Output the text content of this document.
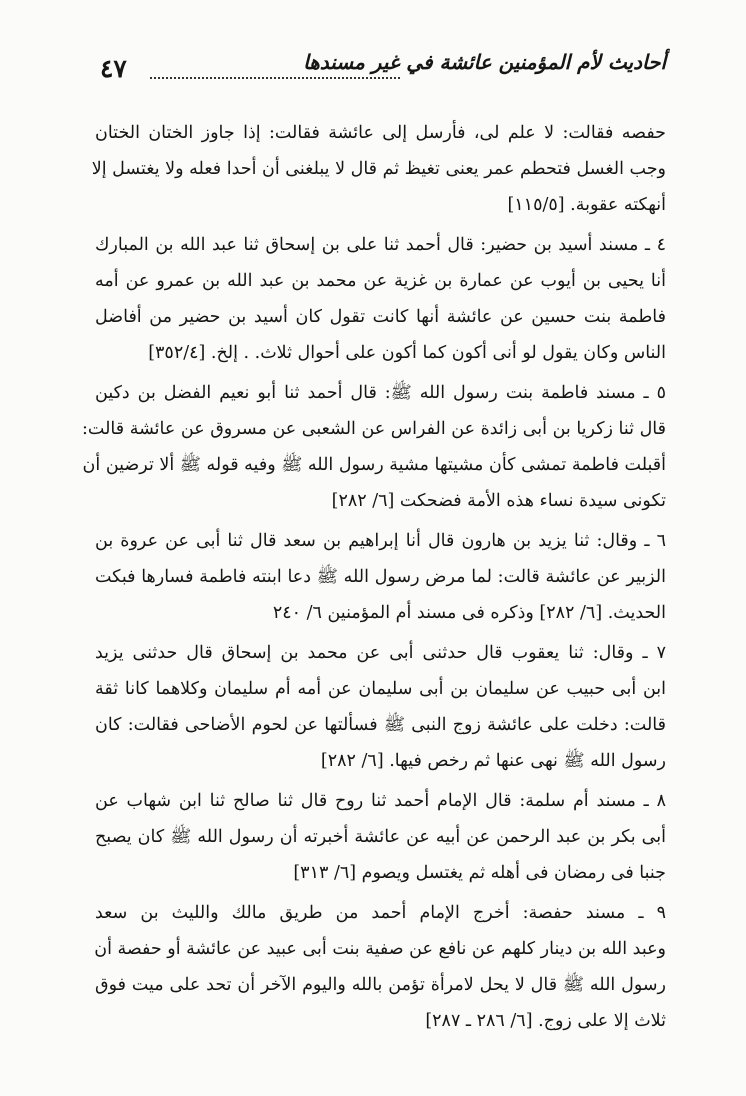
٤٧	أحاديث لأم المؤمنين عائشة في غير مسندها
حفصه فقالت: لا علم لى، فأرسل إلى عائشة فقالت: إذا جاوز الختان الختان
وجب الغسل فتحطم عمر يعنى تغيظ ثم قال لا يبلغنى أن أحدا فعله ولا يغتسل إلا
أنهكته عقوبة. [١١٥/٥]
٤ ـ مسند أسيد بن حضير: قال أحمد ثنا على بن إسحاق ثنا عبد الله بن المبارك
أنا يحيى بن أيوب عن عمارة بن غزية عن محمد بن عبد الله بن عمرو عن أمه
فاطمة بنت حسين عن عائشة أنها كانت تقول كان أسيد بن حضير من أفاضل
الناس وكان يقول لو أنى أكون كما أكون على أحوال ثلاث. . إلخ. [٣٥٢/٤]
٥ ـ مسند فاطمة بنت رسول الله ﷺ: قال أحمد ثنا أبو نعيم الفضل بن دكين
قال ثنا زكريا بن أبى زائدة عن الفراس عن الشعبى عن مسروق عن عائشة قالت:
أقبلت فاطمة تمشى كأن مشيتها مشية رسول الله ﷺ وفيه قوله ﷺ ألا ترضين أن
تكونى سيدة نساء هذه الأمة فضحكت [٦/ ٢٨٢]
٦ ـ وقال: ثنا يزيد بن هارون قال أنا إبراهيم بن سعد قال ثنا أبى عن عروة بن
الزبير عن عائشة قالت: لما مرض رسول الله ﷺ دعا ابنته فاطمة فسارها فبكت
الحديث. [٦/ ٢٨٢] وذكره فى مسند أم المؤمنين ٦/ ٢٤٠
٧ ـ وقال: ثنا يعقوب قال حدثنى أبى عن محمد بن إسحاق قال حدثنى يزيد
ابن أبى حبيب عن سليمان بن أبى سليمان عن أمه أم سليمان وكلاهما كانا ثقة
قالت: دخلت على عائشة زوج النبى ﷺ فسألتها عن لحوم الأضاحى فقالت: كان
رسول الله ﷺ نهى عنها ثم رخص فيها. [٦/ ٢٨٢]
٨ ـ مسند أم سلمة: قال الإمام أحمد ثنا روح قال ثنا صالح ثنا ابن شهاب عن
أبى بكر بن عبد الرحمن عن أبيه عن عائشة أخبرته أن رسول الله ﷺ كان يصبح
جنبا فى رمضان فى أهله ثم يغتسل ويصوم [٦/ ٣١٣]
٩ ـ مسند حفصة: أخرج الإمام أحمد من طريق مالك والليث بن سعد
وعبد الله بن دينار كلهم عن نافع عن صفية بنت أبى عبيد عن عائشة أو حفصة أن
رسول الله ﷺ قال لا يحل لامرأة تؤمن بالله واليوم الآخر أن تحد على ميت فوق
ثلاث إلا على زوج. [٦/ ٢٨٦ ـ ٢٨٧]
